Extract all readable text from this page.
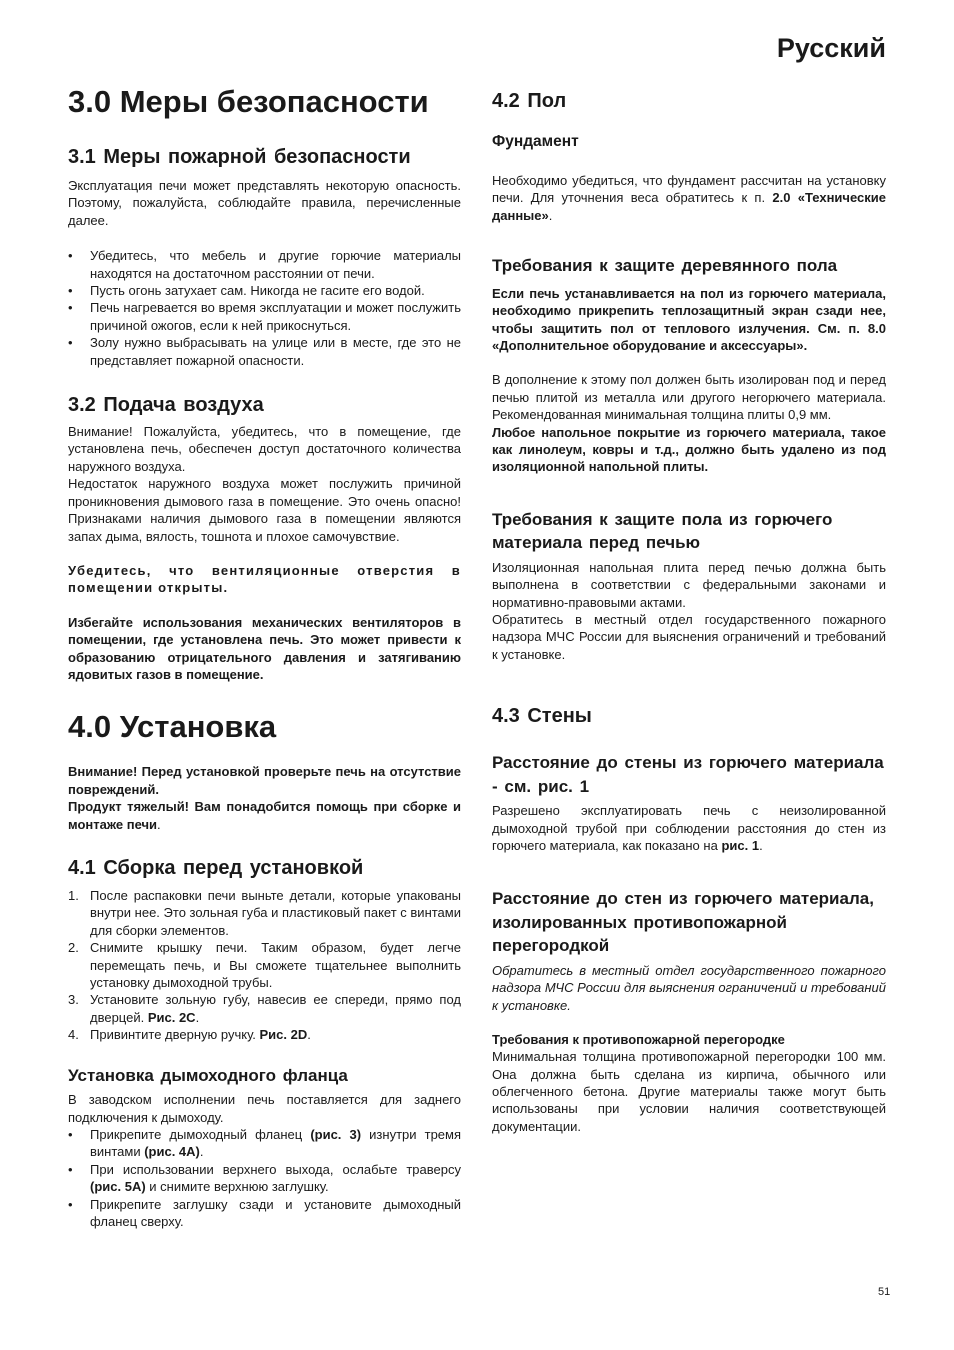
Русский
3.0 Меры безопасности
3.1 Меры пожарной безопасности

Эксплуатация печи может представлять некоторую опасность. Поэтому, пожалуйста, соблюдайте правила, перечисленные далее.

• Убедитесь, что мебель и другие горючие материалы находятся на достаточном расстоянии от печи.
• Пусть огонь затухает сам. Никогда не гасите его водой.
• Печь нагревается во время эксплуатации и может послужить причиной ожогов, если к ней прикоснуться.
• Золу нужно выбрасывать на улице или в месте, где это не представляет пожарной опасности.
3.2 Подача воздуха

Внимание! Пожалуйста, убедитесь, что в помещение, где установлена печь, обеспечен доступ достаточного количества наружного воздуха.

Недостаток наружного воздуха может послужить причиной проникновения дымового газа в помещение. Это очень опасно! Признаками наличия дымового газа в помещении являются запах дыма, вялость, тошнота и плохое самочувствие.

Убедитесь, что вентиляционные отверстия в помещении открыты.

Избегайте использования механических вентиляторов в помещении, где установлена печь. Это может привести к образованию отрицательного давления и затягиванию ядовитых газов в помещение.

4.0 Установка

Внимание! Перед установкой проверьте печь на отсутствие повреждений.
Продукт тяжелый! Вам понадобится помощь при сборке и монтаже печи.

4.1 Сборка перед установкой
1. После распаковки печи выньте детали, которые упакованы внутри нее. Это зольная губа и пластиковый пакет с винтами для сборки элементов.
2. Снимите крышку печи. Таким образом, будет легче перемещать печь, и Вы сможете тщательнее выполнить установку дымоходной трубы.
3. Установите зольную губу, навесив ее спереди, прямо под дверцей. Рис. 2C.
4. Привинтите дверную ручку. Рис. 2D.
Установка дымоходного фланца

В заводском исполнении печь поставляется для заднего подключения к дымоходу.

• Прикрепите дымоходный фланец (рис. 3) изнутри тремя винтами (рис. 4A).
• При использовании верхнего выхода, ослабьте траверсу (рис. 5A) и снимите верхнюю заглушку.
• Прикрепите заглушку сзади и установите дымоходный фланец сверху.
4.2 Пол
Фундамент

Необходимо убедиться, что фундамент рассчитан на установку печи. Для уточнения веса обратитесь к п. 2.0 «Технические данные».

Требования к защите деревянного пола

Если печь устанавливается на пол из горючего материала, необходимо прикрепить теплозащитный экран сзади нее, чтобы защитить пол от теплового излучения. См. п. 8.0 «Дополнительное оборудование и аксессуары».

В дополнение к этому пол должен быть изолирован под и перед печью плитой из металла или другого негорючего материала. Рекомендованная минимальная толщина плиты 0,9 мм.

Любое напольное покрытие из горючего материала, такое как линолеум, ковры и т.д., должно быть удалено из под изоляционной напольной плиты.

Требования к защите пола из горючего материала перед печью

Изоляционная напольная плита перед печью должна быть выполнена в соответствии с федеральными законами и нормативно-правовыми актами.

Обратитесь в местный отдел государственного пожарного надзора МЧС России для выяснения ограничений и требований к установке.

4.3 Стены
Расстояние до стены из горючего материала - см. рис. 1

Разрешено эксплуатировать печь с неизолированной дымоходной трубой при соблюдении расстояния до стен из горючего материала, как показано на рис. 1.

Расстояние до стен из горючего материала, изолированных противопожарной перегородкой

Обратитесь в местный отдел государственного пожарного надзора МЧС России для выяснения ограничений и требований к установке.

Требования к противопожарной перегородке

Минимальная толщина противопожарной перегородки 100 мм. Она должна быть сделана из кирпича, обычного или облегченного бетона. Другие материалы также могут быть использованы при условии наличия соответствующей документации.

51
